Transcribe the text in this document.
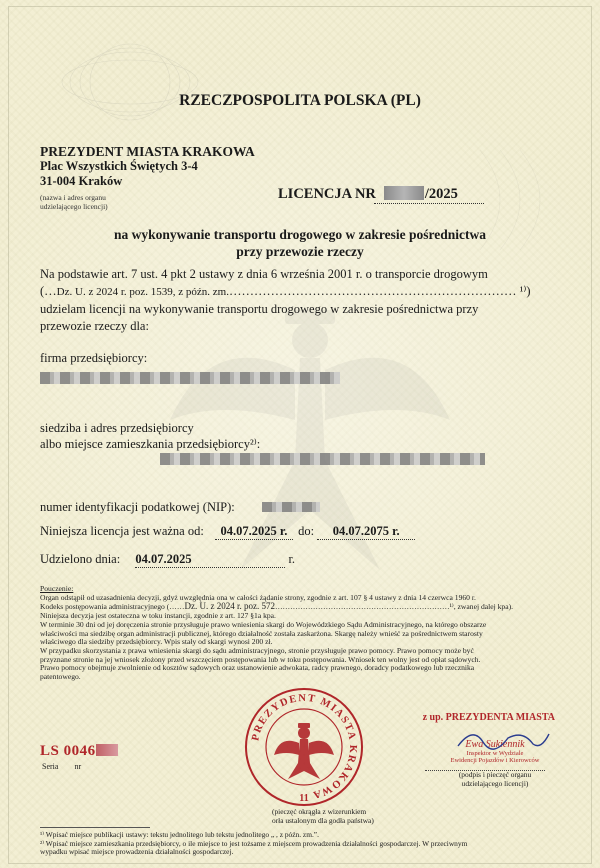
RZECZPOSPOLITA POLSKA (PL)
PREZYDENT MIASTA KRAKOWA
Plac Wszystkich Świętych 3-4
31-004 Kraków
(nazwa i adres organu
udzielającego licencji)
LICENCJA NR	/2025
na wykonywanie transportu drogowego w zakresie pośrednictwa
przy przewozie rzeczy
Na podstawie art. 7 ust. 4 pkt 2 ustawy z dnia 6 września 2001 r. o transporcie drogowym
(…Dz. U. z 2024 r. poz. 1539, z późn. zm.…………………………………………………………… ¹⁾)
udzielam licencji na wykonywanie transportu drogowego w zakresie pośrednictwa przy
przewozie rzeczy dla:
firma przedsiębiorcy:
siedziba i adres przedsiębiorcy
albo miejsce zamieszkania przedsiębiorcy²⁾:
numer identyfikacji podatkowej (NIP):
Niniejsza licencja jest ważna od: 04.07.2025 r. do: 04.07.2075 r.
Udzielono dnia: 04.07.2025	r.
Pouczenie:
Organ odstąpił od uzasadnienia decyzji, gdyż uwzględnia ona w całości żądanie strony, zgodnie z art. 107 § 4 ustawy z dnia 14 czerwca 1960 r.
Kodeks postępowania administracyjnego (……Dz. U. z 2024 r. poz. 572……………………………………………………………¹⁾, zwanej dalej kpa).
Niniejsza decyzja jest ostateczna w toku instancji, zgodnie z art. 127 §1a kpa.
W terminie 30 dni od jej doręczenia stronie przysługuje prawo wniesienia skargi do Wojewódzkiego Sądu Administracyjnego, na którego obszarze
właściwości ma siedzibę organ administracji publicznej, którego działalność została zaskarżona. Skargę należy wnieść za pośrednictwem starosty
właściwego dla siedziby przedsiębiorcy. Wpis stały od skargi wynosi 200 zł.
W przypadku skorzystania z prawa wniesienia skargi do sądu administracyjnego, stronie przysługuje prawo pomocy. Prawo pomocy może być
przyznane stronie na jej wniosek złożony przed wszczęciem postępowania lub w toku postępowania. Wniosek ten wolny jest od opłat sądowych.
Prawo pomocy obejmuje zwolnienie od kosztów sądowych oraz ustanowienie adwokata, radcy prawnego, doradcy podatkowego lub rzecznika
patentowego.
PREZYDENT MIASTA KRAKOWA
11
(pieczęć okrągła z wizerunkiem
orła ustalonym dla godła państwa)
z up. PREZYDENTA MIASTA
Ewa Sukiennik
Inspektor w Wydziale
Ewidencji Pojazdów i Kierowców
(podpis i pieczęć organu
udzielającego licencji)
LS 0046
Seria nr
¹⁾ Wpisać miejsce publikacji ustawy: tekstu jednolitego lub tekstu jednolitego „ , z późn. zm.”.
²⁾ Wpisać miejsce zamieszkania przedsiębiorcy, o ile miejsce to jest tożsame z miejscem prowadzenia działalności gospodarczej. W przeciwnym
wypadku wpisać miejsce prowadzenia działalności gospodarczej.
